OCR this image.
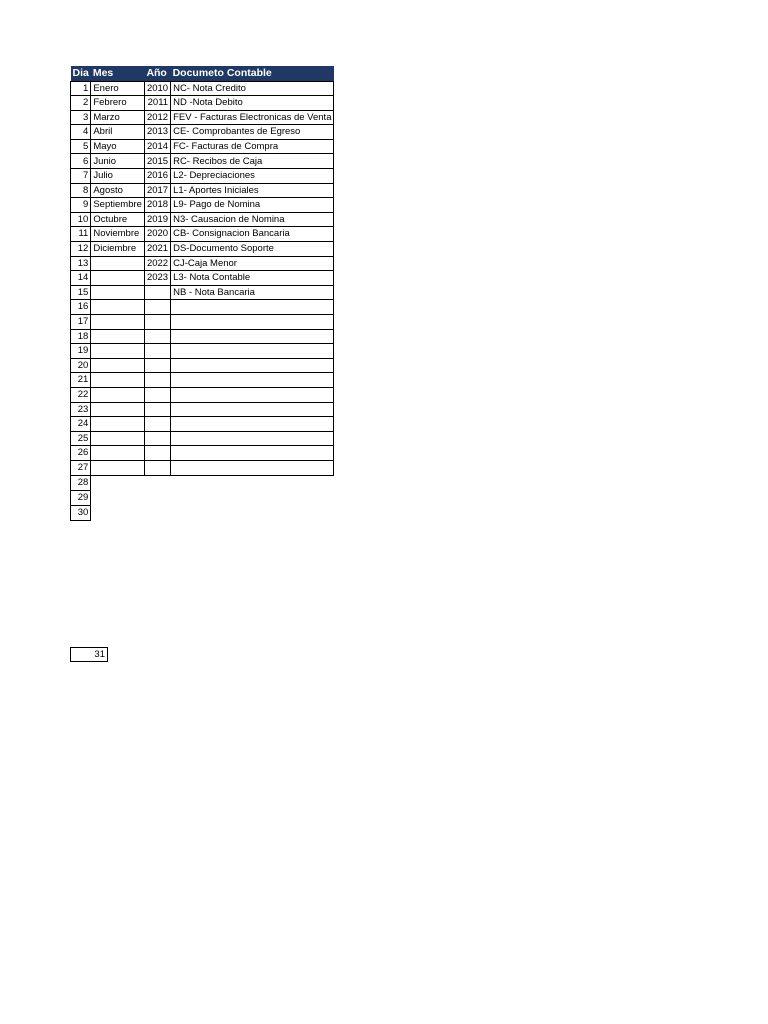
Dia	Mes	Año	Documeto Contable
1	Enero	2010	NC- Nota Credito
2	Febrero	2011	ND -Nota Debito
3	Marzo	2012	FEV - Facturas Electronicas de Venta
4	Abril	2013	CE- Comprobantes de Egreso
5	Mayo	2014	FC- Facturas de Compra
6	Junio	2015	RC- Recibos de Caja
7	Julio	2016	L2- Depreciaciones
8	Agosto	2017	L1- Aportes Iniciales
9	Septiembre	2018	L9- Pago de Nomina
10	Octubre	2019	N3- Causacion de Nomina
11	Noviembre	2020	CB- Consignacion Bancaria
12	Diciembre	2021	DS-Documento Soporte
13		2022	CJ-Caja Menor
14		2023	L3- Nota Contable
15			NB - Nota Bancaria
16			
17			
18			
19			
20			
21			
22			
23			
24			
25			
26			
27			
28			
29			
30			
31
